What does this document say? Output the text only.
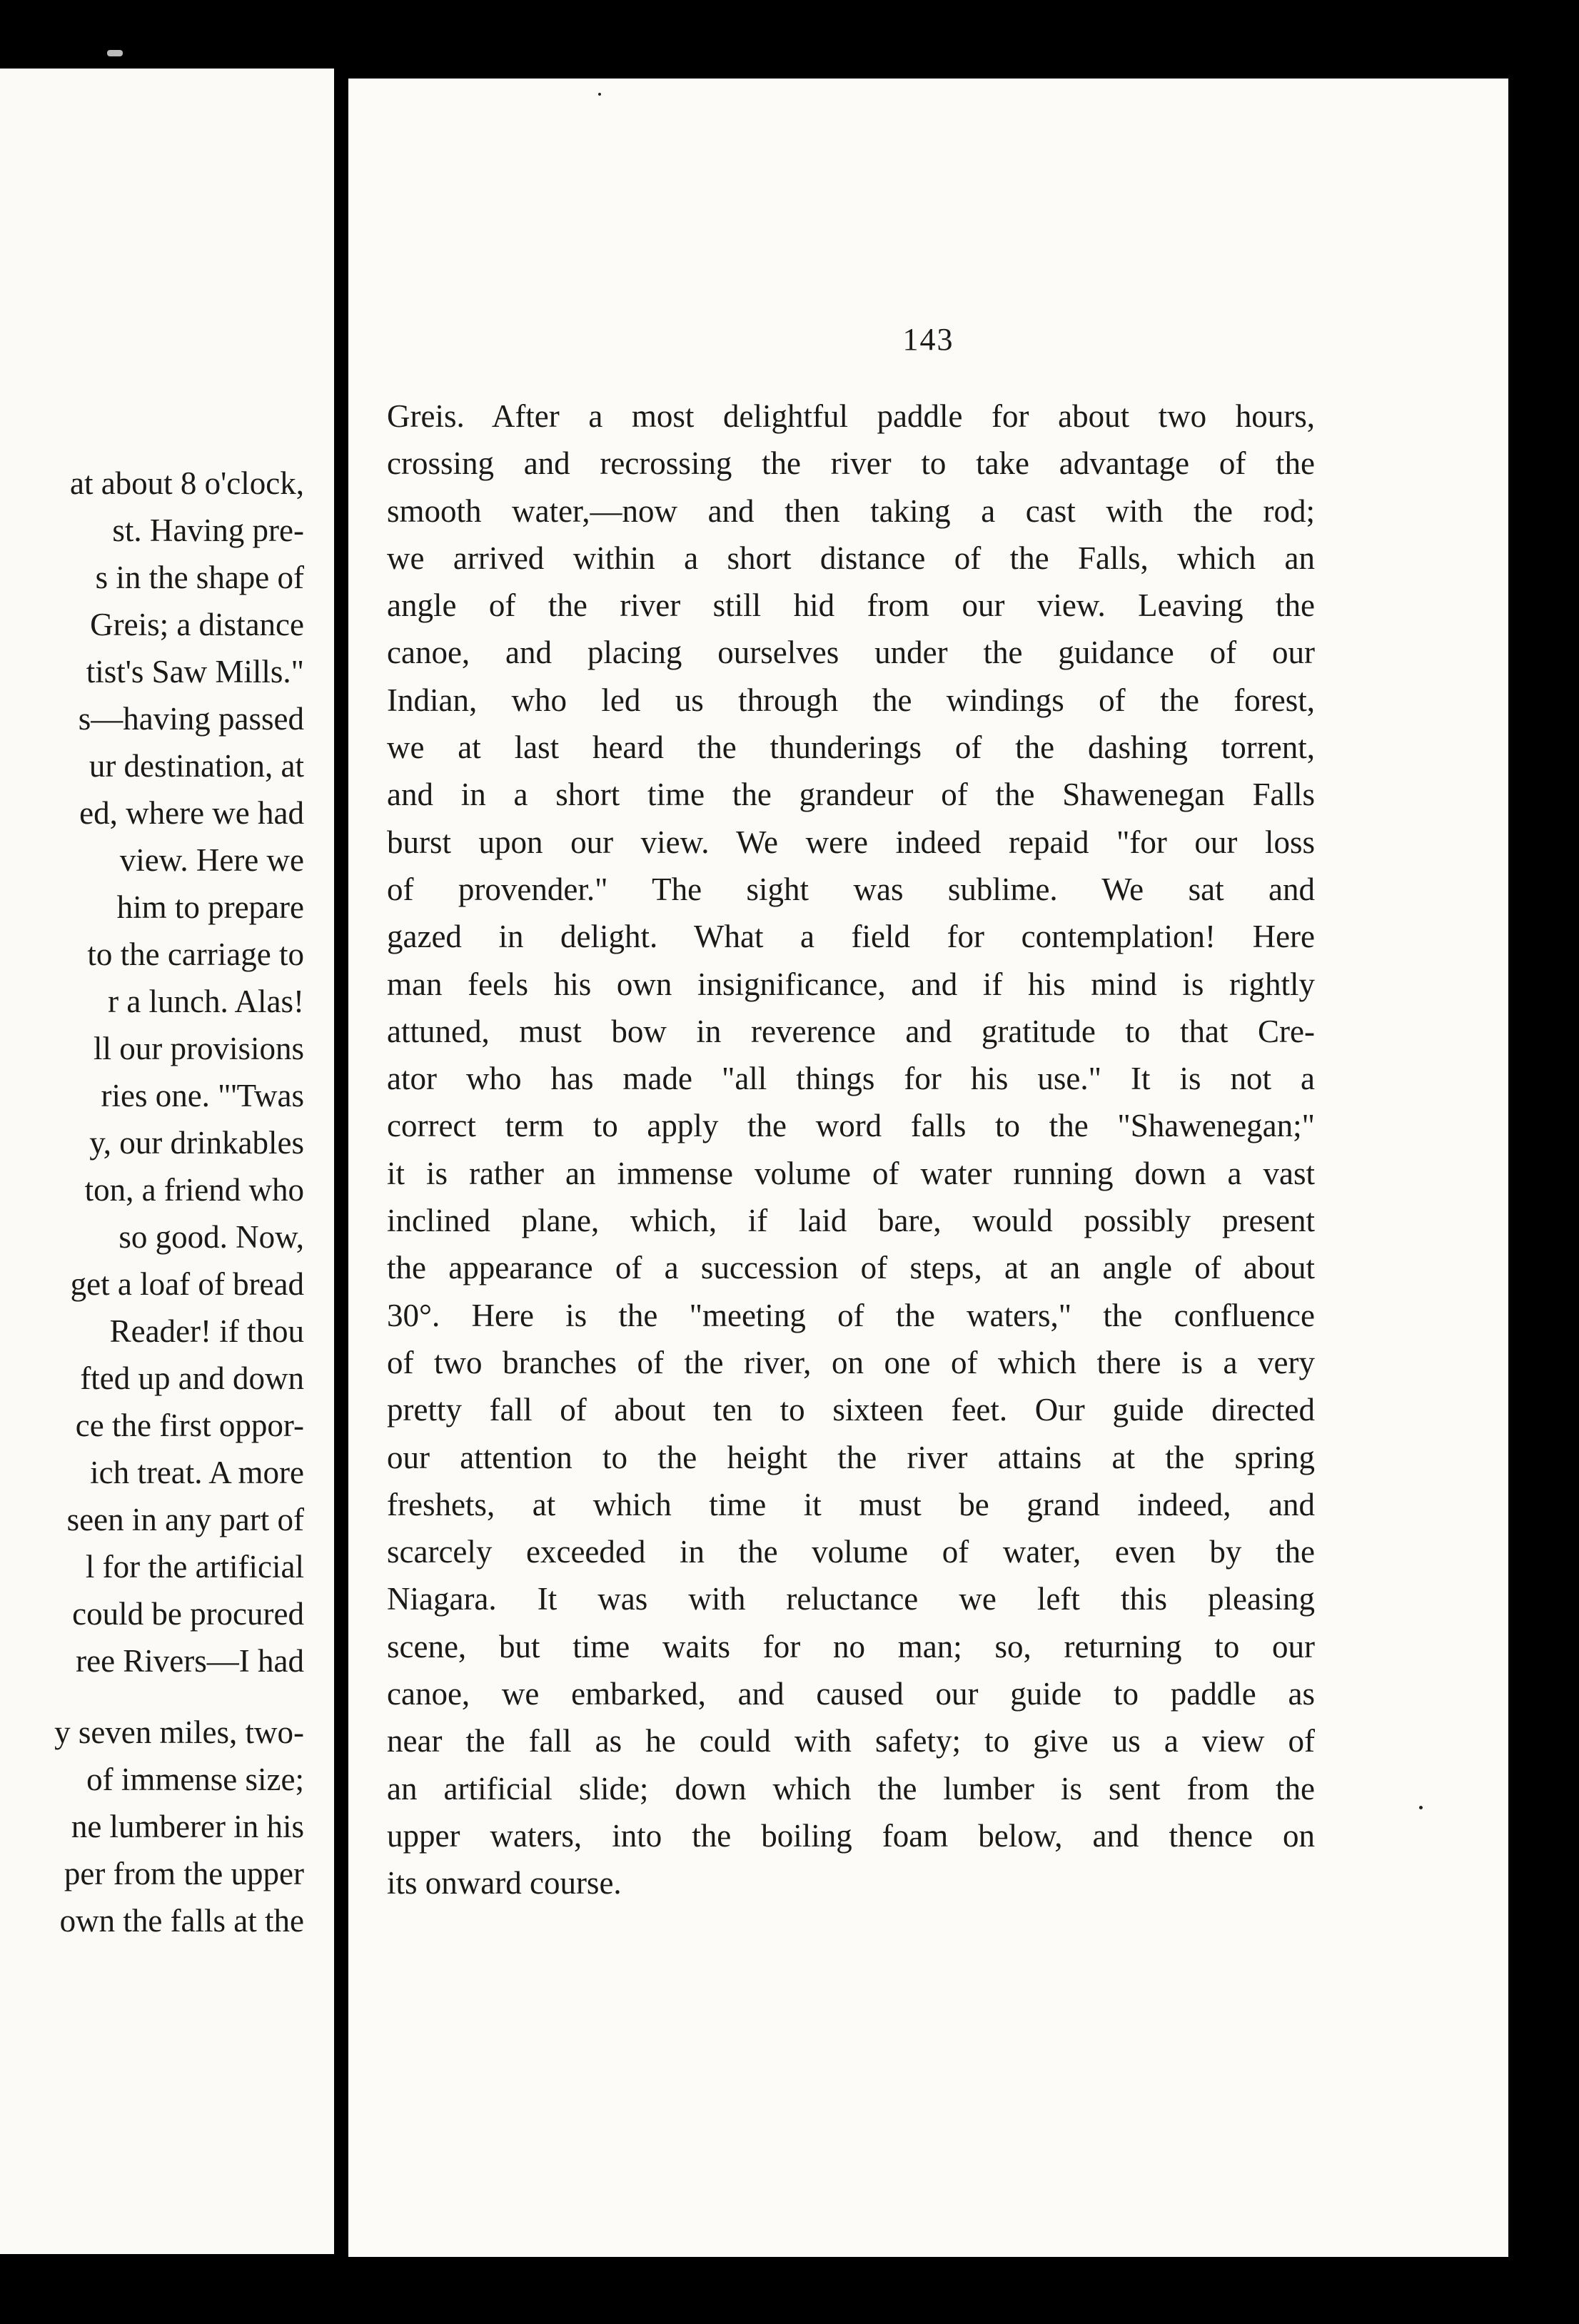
at about 8 o'clock,
st. Having pre-
s in the shape of
Greis; a distance
tist's Saw Mills."
s—having passed
ur destination, at
ed, where we had
view. Here we
him to prepare
to the carriage to
r a lunch. Alas!
ll our provisions
ries one. "'Twas
y, our drinkables
ton, a friend who
so good. Now,
get a loaf of bread
Reader! if thou
fted up and down
ce the first oppor-
ich treat. A more
seen in any part of
l for the artificial
could be procured
ree Rivers—I had
y seven miles, two-
of immense size;
ne lumberer in his
per from the upper
own the falls at the
143
Greis. After a most delightful paddle for about two hours,
crossing and recrossing the river to take advantage of the
smooth water,—now and then taking a cast with the rod;
we arrived within a short distance of the Falls, which an
angle of the river still hid from our view. Leaving the
canoe, and placing ourselves under the guidance of our
Indian, who led us through the windings of the forest,
we at last heard the thunderings of the dashing torrent,
and in a short time the grandeur of the Shawenegan Falls
burst upon our view. We were indeed repaid "for our loss
of provender." The sight was sublime. We sat and
gazed in delight. What a field for contemplation! Here
man feels his own insignificance, and if his mind is rightly
attuned, must bow in reverence and gratitude to that Cre-
ator who has made "all things for his use." It is not a
correct term to apply the word falls to the "Shawenegan;"
it is rather an immense volume of water running down a vast
inclined plane, which, if laid bare, would possibly present
the appearance of a succession of steps, at an angle of about
30°. Here is the "meeting of the waters," the confluence
of two branches of the river, on one of which there is a very
pretty fall of about ten to sixteen feet. Our guide directed
our attention to the height the river attains at the spring
freshets, at which time it must be grand indeed, and
scarcely exceeded in the volume of water, even by the
Niagara. It was with reluctance we left this pleasing
scene, but time waits for no man; so, returning to our
canoe, we embarked, and caused our guide to paddle as
near the fall as he could with safety; to give us a view of
an artificial slide; down which the lumber is sent from the
upper waters, into the boiling foam below, and thence on
its onward course.
